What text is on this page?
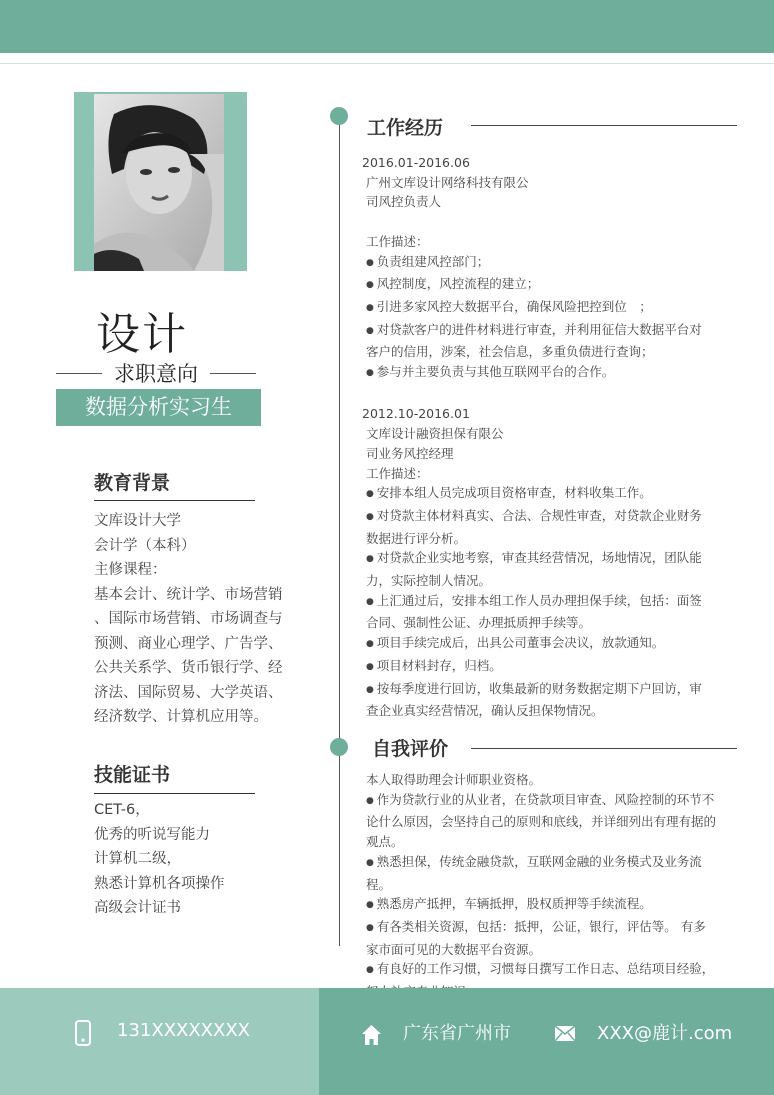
设计
求职意向
数据分析实习生
教育背景

文库设计大学

会计学（本科）

主修课程：

基本会计、统计学、市场营销

、国际市场营销、市场调查与

预测、商业心理学、广告学、

公共关系学、货币银行学、经

济法、国际贸易、大学英语、

经济数学、计算机应用等。

技能证书

CET-6，

优秀的听说写能力

计算机二级，

熟悉计算机各项操作

高级会计证书

工作经历

2016.01-2016.06

广州文库设计网络科技有限公

司风控负责人

工作描述：

● 负责组建风控部门；

● 风控制度，风控流程的建立；

● 引进多家风控大数据平台，确保风险把控到位　；

● 对贷款客户的进件材料进行审查，并利用征信大数据平台对客户的信用，涉案，社会信息，多重负债进行查询；

● 参与并主要负责与其他互联网平台的合作。

2012.10-2016.01

文库设计融资担保有限公

司业务风控经理

工作描述：

● 安排本组人员完成项目资格审查，材料收集工作。

● 对贷款主体材料真实、合法、合规性审查，对贷款企业财务数据进行评分析。

● 对贷款企业实地考察，审查其经营情况，场地情况，团队能力，实际控制人情况。

● 上汇通过后，安排本组工作人员办理担保手续，包括：面签合同、强制性公证、办理抵质押手续等。

● 项目手续完成后，出具公司董事会决议，放款通知。

● 项目材料封存，归档。

● 按每季度进行回访，收集最新的财务数据定期下户回访，审查企业真实经营情况，确认反担保物情况。

自我评价

本人取得助理会计师职业资格。

● 作为贷款行业的从业者，在贷款项目审查、风险控制的环节不论什么原因，会坚持自己的原则和底线，并详细列出有理有据的观点。

● 熟悉担保，传统金融贷款，互联网金融的业务模式及业务流程。

● 熟悉房产抵押，车辆抵押，股权质押等手续流程。

● 有各类相关资源，包括：抵押，公证，银行，评估等。 有多家市面可见的大数据平台资源。

● 有良好的工作习惯，习惯每日撰写工作日志、总结项目经验，

131XXXXXXXX	广东省广州市	XXX@鹿计.com
